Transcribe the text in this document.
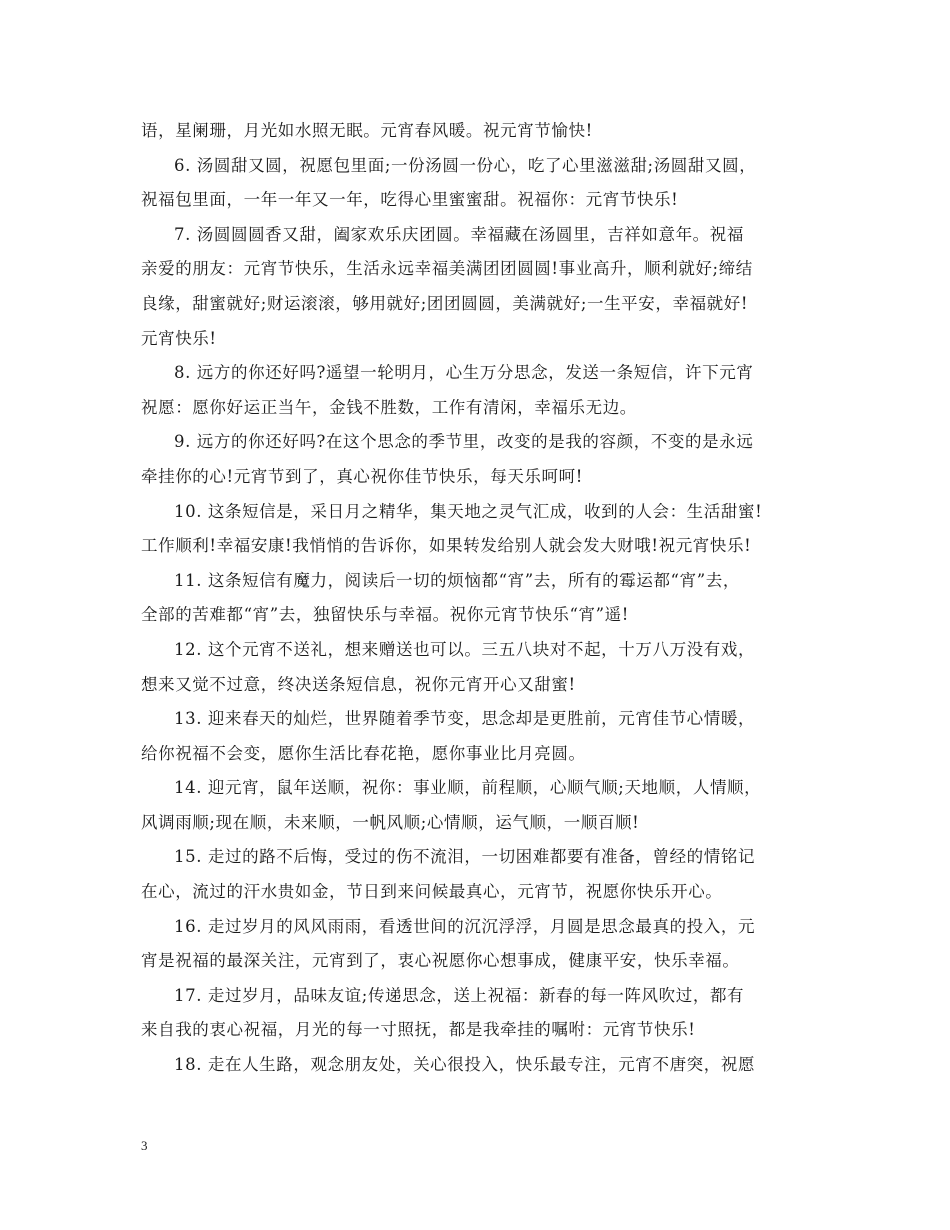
语，星阑珊，月光如水照无眠。元宵春风暖。祝元宵节愉快!
6. 汤圆甜又圆，祝愿包里面;一份汤圆一份心，吃了心里滋滋甜;汤圆甜又圆，
祝福包里面，一年一年又一年，吃得心里蜜蜜甜。祝福你：元宵节快乐!
7. 汤圆圆圆香又甜，阖家欢乐庆团圆。幸福藏在汤圆里，吉祥如意年。祝福
亲爱的朋友：元宵节快乐，生活永远幸福美满团团圆圆!事业高升，顺利就好;缔结
良缘，甜蜜就好;财运滚滚，够用就好;团团圆圆，美满就好;一生平安，幸福就好!
元宵快乐!
8. 远方的你还好吗?遥望一轮明月，心生万分思念，发送一条短信，许下元宵
祝愿：愿你好运正当午，金钱不胜数，工作有清闲，幸福乐无边。
9. 远方的你还好吗?在这个思念的季节里，改变的是我的容颜，不变的是永远
牵挂你的心!元宵节到了，真心祝你佳节快乐，每天乐呵呵!
10. 这条短信是，采日月之精华，集天地之灵气汇成，收到的人会：生活甜蜜!
工作顺利!幸福安康!我悄悄的告诉你，如果转发给别人就会发大财哦!祝元宵快乐!
11. 这条短信有魔力，阅读后一切的烦恼都“宵”去，所有的霉运都“宵”去，
全部的苦难都“宵”去，独留快乐与幸福。祝你元宵节快乐“宵”遥!
12. 这个元宵不送礼，想来赠送也可以。三五八块对不起，十万八万没有戏，
想来又觉不过意，终决送条短信息，祝你元宵开心又甜蜜!
13. 迎来春天的灿烂，世界随着季节变，思念却是更胜前，元宵佳节心情暖，
给你祝福不会变，愿你生活比春花艳，愿你事业比月亮圆。
14. 迎元宵，鼠年送顺，祝你：事业顺，前程顺，心顺气顺;天地顺，人情顺，
风调雨顺;现在顺，未来顺，一帆风顺;心情顺，运气顺，一顺百顺!
15. 走过的路不后悔，受过的伤不流泪，一切困难都要有准备，曾经的情铭记
在心，流过的汗水贵如金，节日到来问候最真心，元宵节，祝愿你快乐开心。
16. 走过岁月的风风雨雨，看透世间的沉沉浮浮，月圆是思念最真的投入，元
宵是祝福的最深关注，元宵到了，衷心祝愿你心想事成，健康平安，快乐幸福。
17. 走过岁月，品味友谊;传递思念，送上祝福：新春的每一阵风吹过，都有
来自我的衷心祝福，月光的每一寸照抚，都是我牵挂的嘱咐：元宵节快乐!
18. 走在人生路，观念朋友处，关心很投入，快乐最专注，元宵不唐突，祝愿
3
